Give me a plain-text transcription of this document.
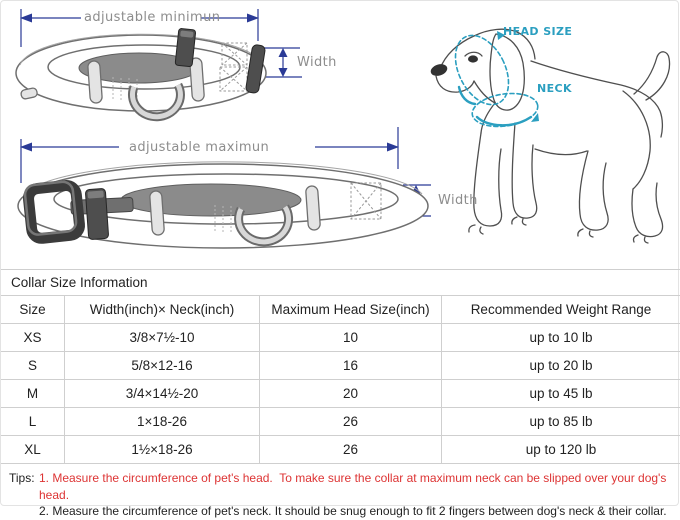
adjustable minimun
Width
adjustable maximun
Width
HEAD SIZE
NECK
Collar Size Information
Size	Width(inch)× Neck(inch)	Maximum Head Size(inch)	Recommended Weight Range
XS	3/8×7½-10	10	up to 10 lb
S	5/8×12-16	16	up to 20 lb
M	3/4×14½-20	20	up to 45 lb
L	1×18-26	26	up to 85 lb
XL	1½×18-26	26	up to 120 lb
Tips: 1. Measure the circumference of pet's head.  To make sure the collar at maximum neck can be slipped over your dog's head.
2. Measure the circumference of pet's neck. It should be snug enough to fit 2 fingers between dog's neck & their collar.
